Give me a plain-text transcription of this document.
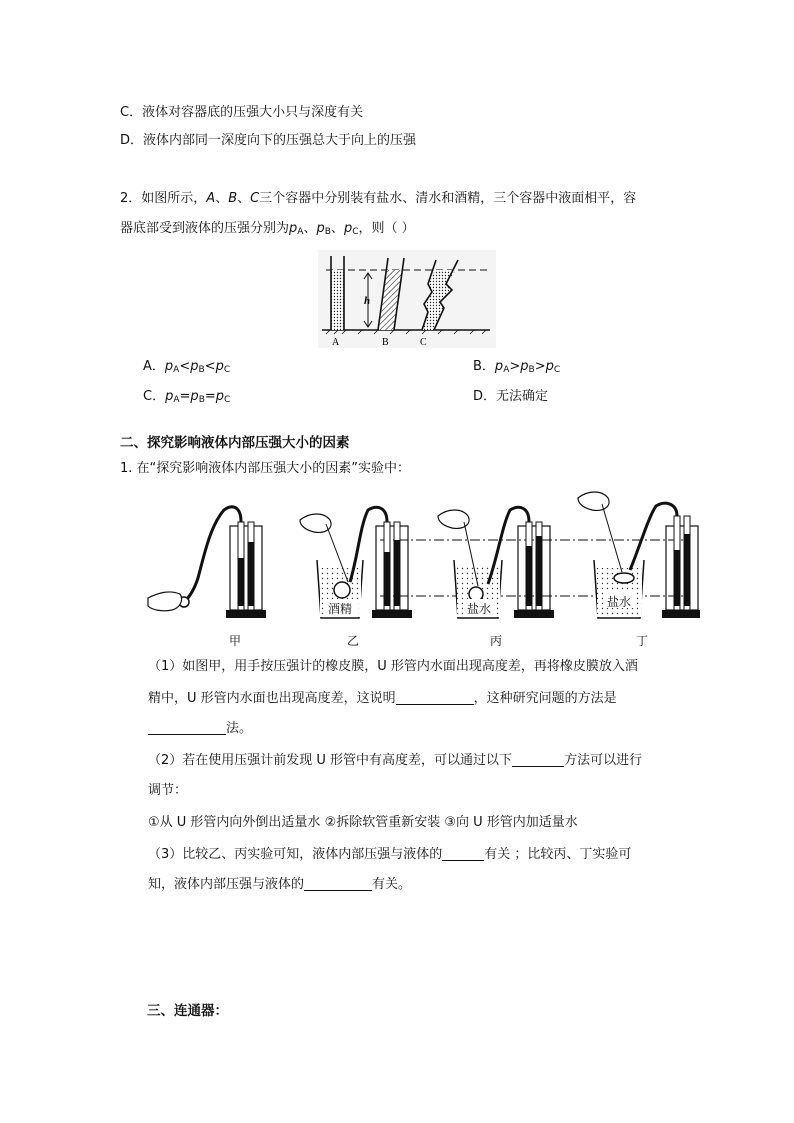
C．液体对容器底的压强大小只与深度有关
D．液体内部同一深度向下的压强总大于向上的压强
2．如图所示，A、B、C三个容器中分别装有盐水、清水和酒精，三个容器中液面相平，容
器底部受到液体的压强分别为$p_A$、$p_B$、$p_C$，则（ ）
h
A	B	C
A．$p_A<p_B<p_C$	B．$p_A>p_B>p_C$
C．$p_A=p_B=p_C$	D．无法确定
二、探究影响液体内部压强大小的因素
1. 在“探究影响液体内部压强大小的因素”实验中：
酒精	盐水	盐水
甲	乙	丙	丁
（1）如图甲，用手按压强计的橡皮膜，U 形管内水面出现高度差，再将橡皮膜放入酒
精中，U 形管内水面也出现高度差，这说明	，这种研究问题的方法是
法。
（2）若在使用压强计前发现 U 形管中有高度差，可以通过以下	方法可以进行
调节：
①从 U 形管内向外倒出适量水 ②拆除软管重新安装 ③向 U 形管内加适量水
（3）比较乙、丙实验可知，液体内部压强与液体的	有关 ；比较丙、丁实验可
知，液体内部压强与液体的	有关。
三、连通器：
